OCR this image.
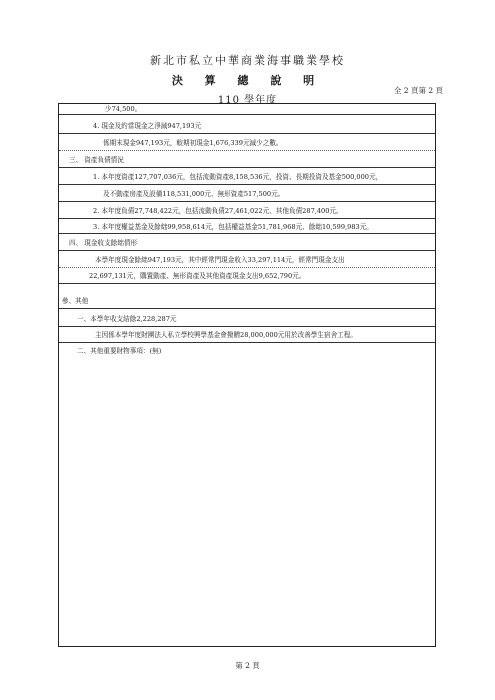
新北市私立中華商業海事職業學校
決 算 總 說 明
110 學年度
全 2 頁第 2 頁
少74,500。
4. 現金及約當現金之淨減947,193元
係期末現金947,193元，較期初現金1,676,339元減少之數。
三、 資產負債情況
1. 本年度資產127,707,036元，包括流動資產8,158,536元，投資、長期投資及基金500,000元，
及不動產房產及設備118,531,000元、無形資產517,500元。
2. 本年度負債27,748,422元，包括流動負債27,461,022元、其他負債287,400元。
3. 本年度權益基金及餘絀99,958,614元，包括權益基金51,781,968元、餘絀10,599,983元。
四、 現金收支餘絀情形
本學年度現金餘絀947,193元，其中經常門現金收入33,297,114元，經常門現金支出
22,697,131元，購置動產、無形資產及其他資產現金支出9,652,790元。
參、其他
一、本學年收支結餘2,228,287元
主因係本學年度財團法人私立學校興學基金會撥贈28,000,000元用於改善學生宿舍工程。
二、其他重要財物事項：(無)
第 2 頁
